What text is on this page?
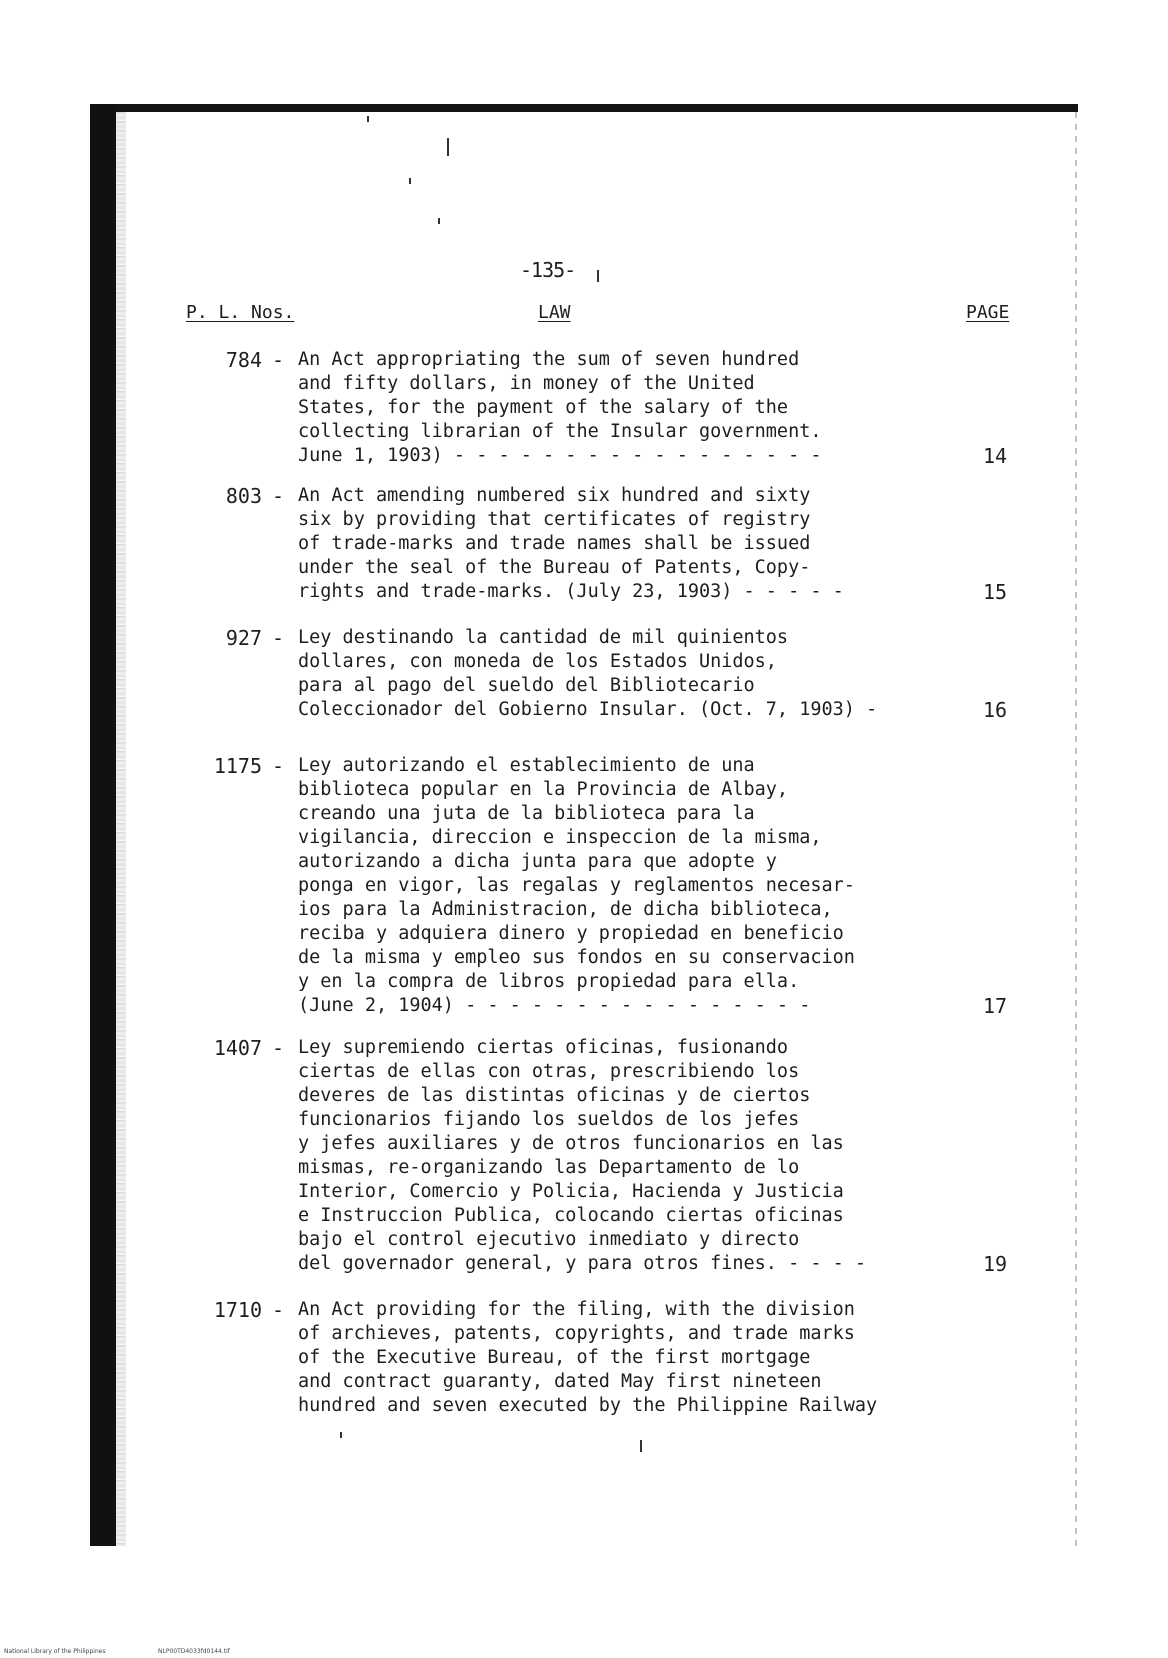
-135-
P. L. Nos.	LAW	PAGE
784 - An Act appropriating the sum of seven hundred
and fifty dollars, in money of the United
States, for the payment of the salary of the
collecting librarian of the Insular government.
June 1, 1903) - - - - - - - - - - - - - - - - -	14
803 - An Act amending numbered six hundred and sixty
six by providing that certificates of registry
of trade-marks and trade names shall be issued
under the seal of the Bureau of Patents, Copy-
rights and trade-marks. (July 23, 1903) - - - - -	15
927 - Ley destinando la cantidad de mil quinientos
dollares, con moneda de los Estados Unidos,
para al pago del sueldo del Bibliotecario
Coleccionador del Gobierno Insular. (Oct. 7, 1903) -	16
1175 - Ley autorizando el establecimiento de una
biblioteca popular en la Provincia de Albay,
creando una juta de la biblioteca para la
vigilancia, direccion e inspeccion de la misma,
autorizando a dicha junta para que adopte y
ponga en vigor, las regalas y reglamentos necesar-
ios para la Administracion, de dicha biblioteca,
reciba y adquiera dinero y propiedad en beneficio
de la misma y empleo sus fondos en su conservacion
y en la compra de libros propiedad para ella.
(June 2, 1904) - - - - - - - - - - - - - - - -	17
1407 - Ley supremiendo ciertas oficinas, fusionando
ciertas de ellas con otras, prescribiendo los
deveres de las distintas oficinas y de ciertos
funcionarios fijando los sueldos de los jefes
y jefes auxiliares y de otros funcionarios en las
mismas, re-organizando las Departamento de lo
Interior, Comercio y Policia, Hacienda y Justicia
e Instruccion Publica, colocando ciertas oficinas
bajo el control ejecutivo inmediato y directo
del governador general, y para otros fines. - - - -	19
1710 - An Act providing for the filing, with the division
of archieves, patents, copyrights, and trade marks
of the Executive Bureau, of the first mortgage
and contract guaranty, dated May first nineteen
hundred and seven executed by the Philippine Railway
National Library of the Philippines	NLP00TD4033fd0144.tif
